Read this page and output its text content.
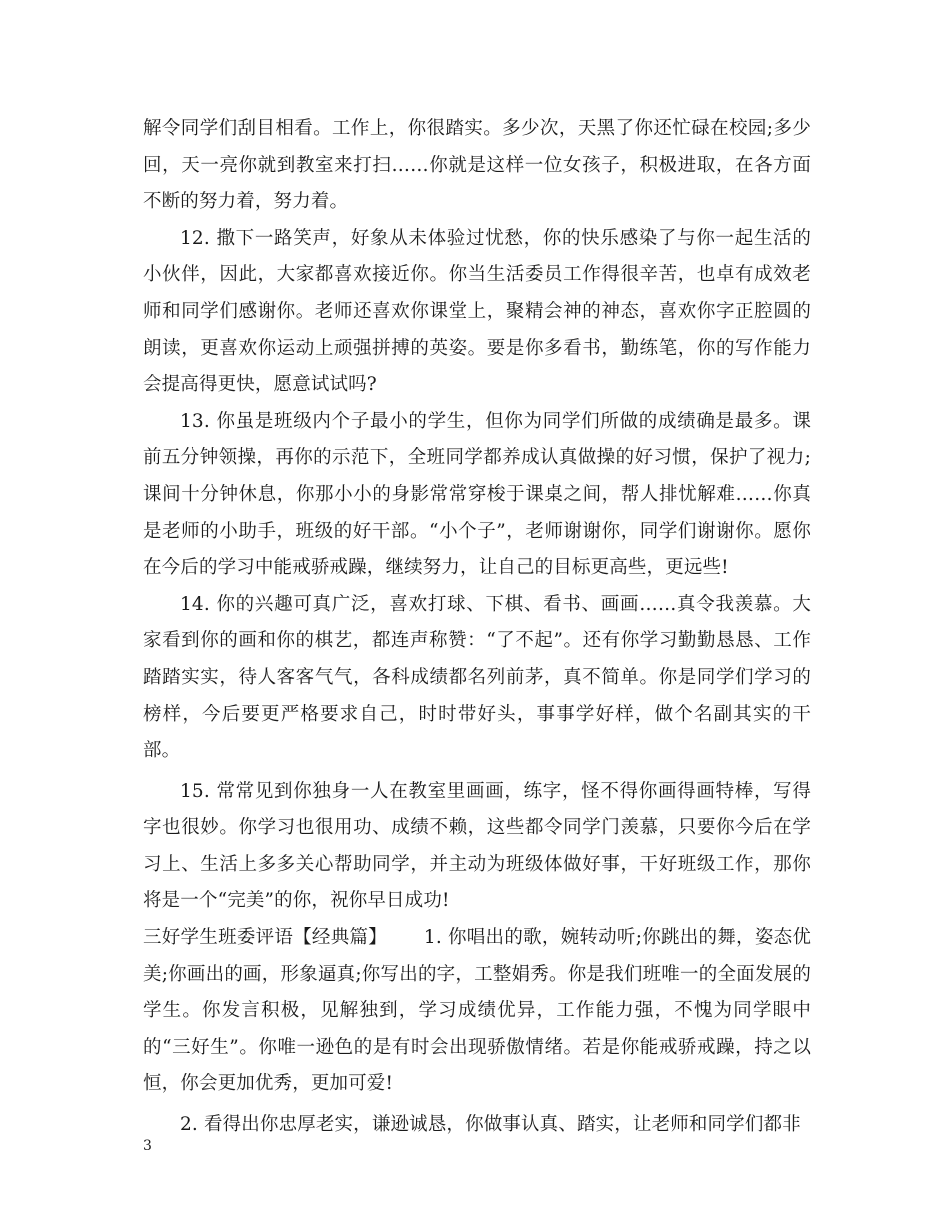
解令同学们刮目相看。工作上，你很踏实。多少次，天黑了你还忙碌在校园;多少回，天一亮你就到教室来打扫……你就是这样一位女孩子，积极进取，在各方面不断的努力着，努力着。

12. 撒下一路笑声，好象从未体验过忧愁，你的快乐感染了与你一起生活的小伙伴，因此，大家都喜欢接近你。你当生活委员工作得很辛苦，也卓有成效老师和同学们感谢你。老师还喜欢你课堂上，聚精会神的神态，喜欢你字正腔圆的朗读，更喜欢你运动上顽强拼搏的英姿。要是你多看书，勤练笔，你的写作能力会提高得更快，愿意试试吗?

13. 你虽是班级内个子最小的学生，但你为同学们所做的成绩确是最多。课前五分钟领操，再你的示范下，全班同学都养成认真做操的好习惯，保护了视力;课间十分钟休息，你那小小的身影常常穿梭于课桌之间，帮人排忧解难……你真是老师的小助手，班级的好干部。“小个子”，老师谢谢你，同学们谢谢你。愿你在今后的学习中能戒骄戒躁，继续努力，让自己的目标更高些，更远些!

14. 你的兴趣可真广泛，喜欢打球、下棋、看书、画画……真令我羡慕。大家看到你的画和你的棋艺，都连声称赞：“了不起”。还有你学习勤勤恳恳、工作踏踏实实，待人客客气气，各科成绩都名列前茅，真不简单。你是同学们学习的榜样，今后要更严格要求自己，时时带好头，事事学好样，做个名副其实的干部。

15. 常常见到你独身一人在教室里画画，练字，怪不得你画得画特棒，写得字也很妙。你学习也很用功、成绩不赖，这些都令同学门羡慕，只要你今后在学习上、生活上多多关心帮助同学，并主动为班级体做好事，干好班级工作，那你将是一个“完美”的你，祝你早日成功!

三好学生班委评语【经典篇】 1. 你唱出的歌，婉转动听;你跳出的舞，姿态优美;你画出的画，形象逼真;你写出的字，工整娟秀。你是我们班唯一的全面发展的学生。你发言积极，见解独到，学习成绩优异，工作能力强，不愧为同学眼中的“三好生”。你唯一逊色的是有时会出现骄傲情绪。若是你能戒骄戒躁，持之以恒，你会更加优秀，更加可爱!

2. 看得出你忠厚老实，谦逊诚恳，你做事认真、踏实，让老师和同学们都非

3
